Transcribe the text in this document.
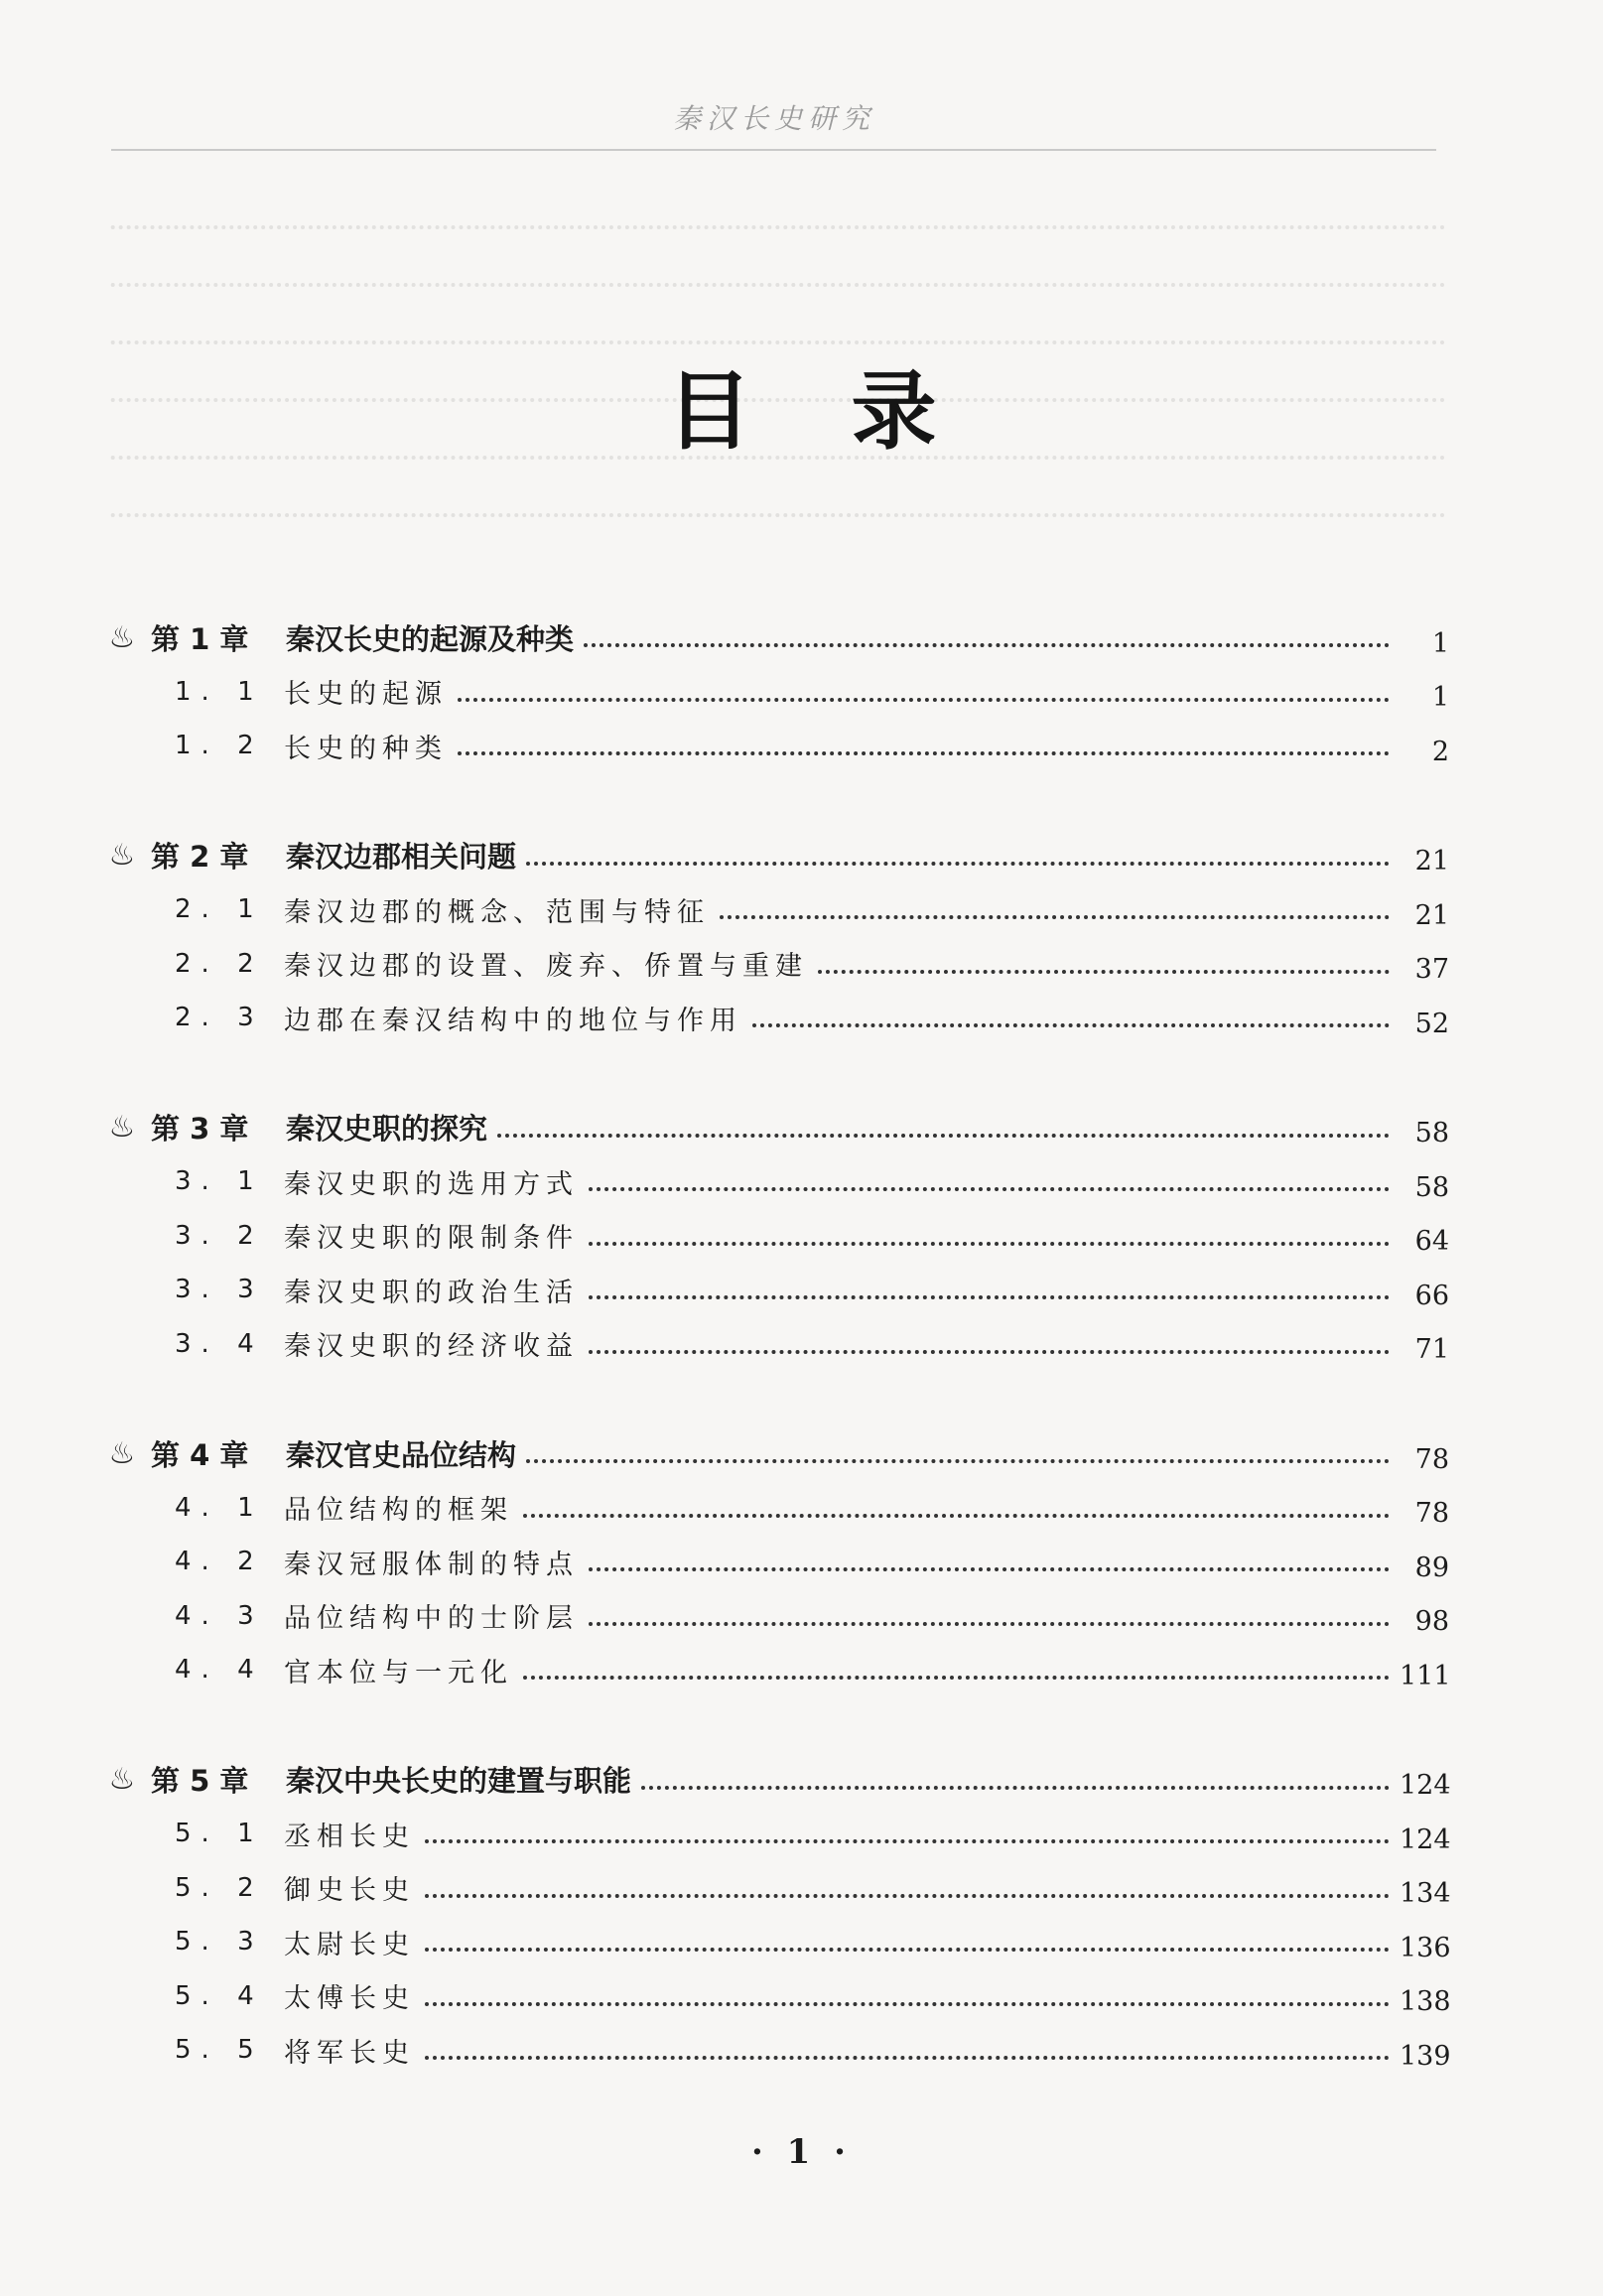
秦汉长史研究
目录
♨ 第 1 章	秦汉长史的起源及种类	1
1. 1 长史的起源	1
1. 2 长史的种类	2
♨ 第 2 章	秦汉边郡相关问题	21
2. 1 秦汉边郡的概念、范围与特征	21
2. 2 秦汉边郡的设置、废弃、侨置与重建	37
2. 3 边郡在秦汉结构中的地位与作用	52
♨ 第 3 章	秦汉史职的探究	58
3. 1 秦汉史职的选用方式	58
3. 2 秦汉史职的限制条件	64
3. 3 秦汉史职的政治生活	66
3. 4 秦汉史职的经济收益	71
♨ 第 4 章	秦汉官史品位结构	78
4. 1 品位结构的框架	78
4. 2 秦汉冠服体制的特点	89
4. 3 品位结构中的士阶层	98
4. 4 官本位与一元化	111
♨ 第 5 章	秦汉中央长史的建置与职能	124
5. 1 丞相长史	124
5. 2 御史长史	134
5. 3 太尉长史	136
5. 4 太傅长史	138
5. 5 将军长史	139
· 1 ·
